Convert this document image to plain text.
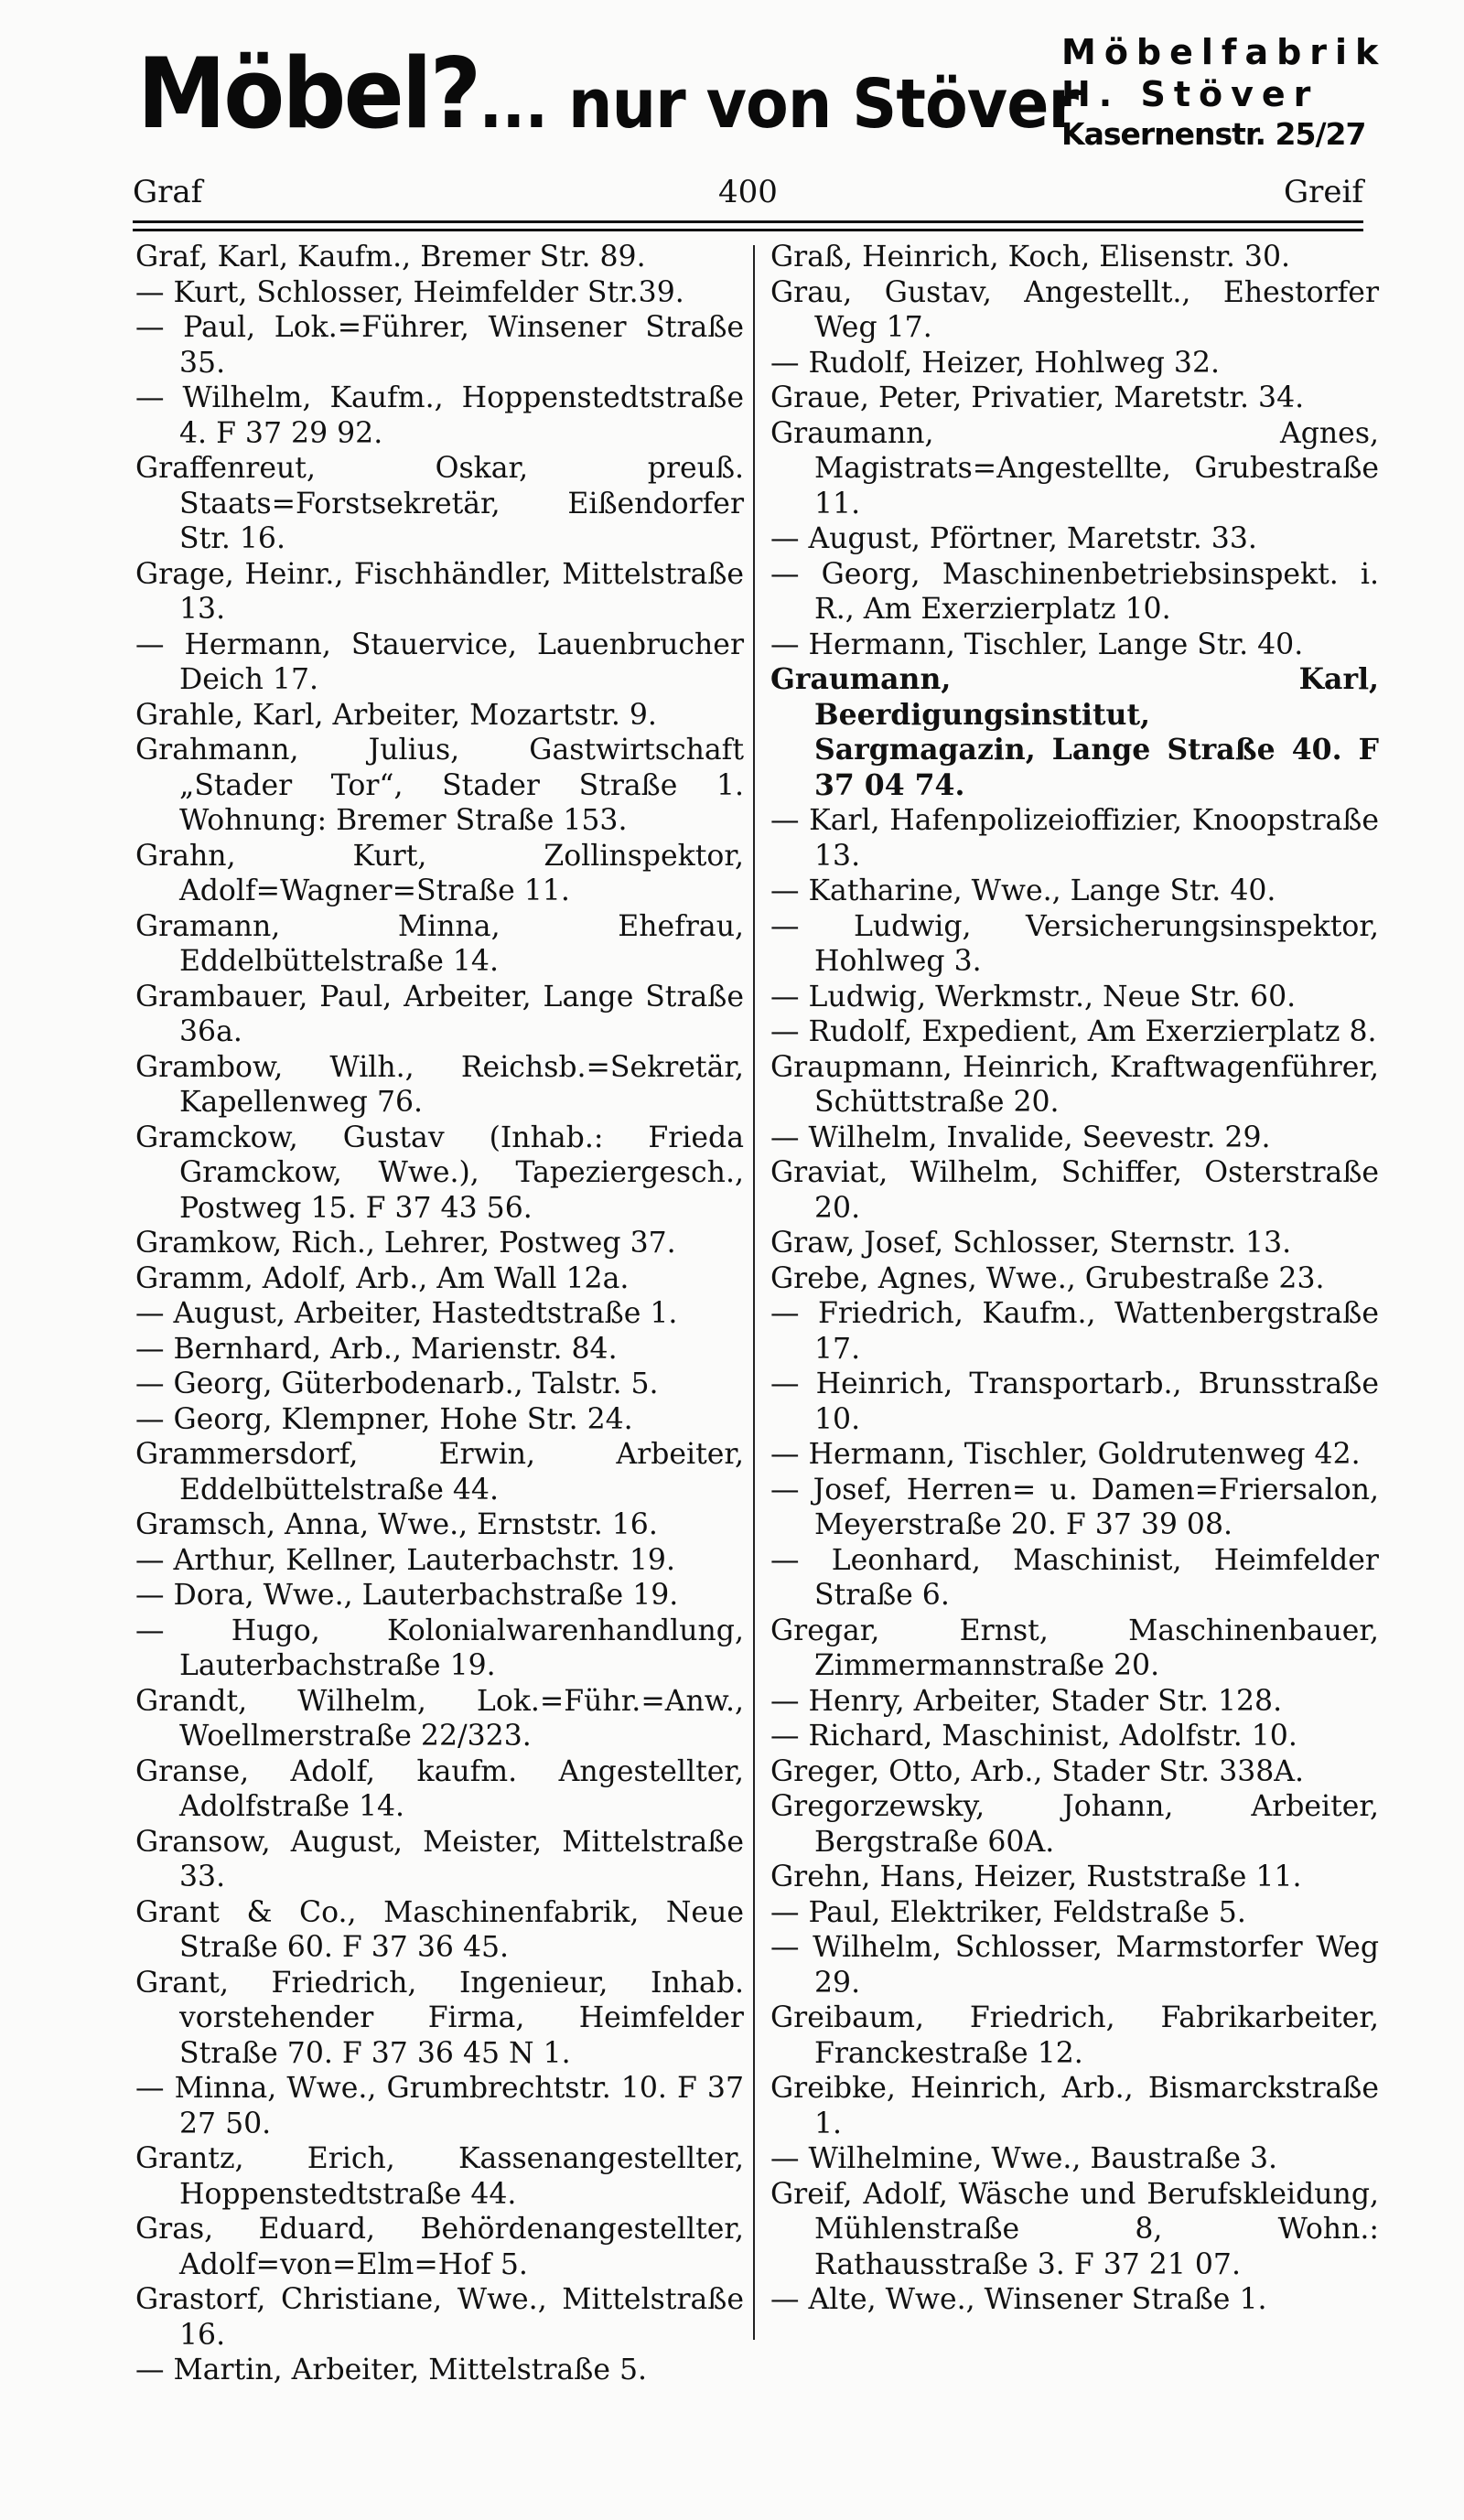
Möbel?... nur von Stöver
Möbelfabrik
H. Stöver
Kasernenstr. 25/27
400
Graf	Greif

Graf, Karl, Kaufm., Bremer Str. 89.

— Kurt, Schlosser, Heimfelder Str.39.

— Paul, Lok.=Führer, Winsener Straße 35.

— Wilhelm, Kaufm., Hoppenstedtstraße 4. F 37 29 92.

Graffenreut, Oskar, preuß. Staats=Forstsekretär, Eißendorfer Str. 16.

Grage, Heinr., Fischhändler, Mittelstraße 13.

— Hermann, Stauervice, Lauenbrucher Deich 17.

Grahle, Karl, Arbeiter, Mozartstr. 9.

Grahmann, Julius, Gastwirtschaft „Stader Tor“, Stader Straße 1. Wohnung: Bremer Straße 153.

Grahn, Kurt, Zollinspektor, Adolf=Wagner=Straße 11.

Gramann, Minna, Ehefrau, Eddelbüttelstraße 14.

Grambauer, Paul, Arbeiter, Lange Straße 36a.

Grambow, Wilh., Reichsb.=Sekretär, Kapellenweg 76.

Gramckow, Gustav (Inhab.: Frieda Gramckow, Wwe.), Tapeziergesch., Postweg 15. F 37 43 56.

Gramkow, Rich., Lehrer, Postweg 37.

Gramm, Adolf, Arb., Am Wall 12a.

— August, Arbeiter, Hastedtstraße 1.

— Bernhard, Arb., Marienstr. 84.

— Georg, Güterbodenarb., Talstr. 5.

— Georg, Klempner, Hohe Str. 24.

Grammersdorf, Erwin, Arbeiter, Eddelbüttelstraße 44.

Gramsch, Anna, Wwe., Ernststr. 16.

— Arthur, Kellner, Lauterbachstr. 19.

— Dora, Wwe., Lauterbachstraße 19.

— Hugo, Kolonialwarenhandlung, Lauterbachstraße 19.

Grandt, Wilhelm, Lok.=Führ.=Anw., Woellmerstraße 22/323.

Granse, Adolf, kaufm. Angestellter, Adolfstraße 14.

Gransow, August, Meister, Mittelstraße 33.

Grant & Co., Maschinenfabrik, Neue Straße 60. F 37 36 45.

Grant, Friedrich, Ingenieur, Inhab. vorstehender Firma, Heimfelder Straße 70. F 37 36 45 N 1.

— Minna, Wwe., Grumbrechtstr. 10. F 37 27 50.

Grantz, Erich, Kassenangestellter, Hoppenstedtstraße 44.

Gras, Eduard, Behördenangestellter, Adolf=von=Elm=Hof 5.

Grastorf, Christiane, Wwe., Mittelstraße 16.

— Martin, Arbeiter, Mittelstraße 5.

Graß, Heinrich, Koch, Elisenstr. 30.

Grau, Gustav, Angestellt., Ehestorfer Weg 17.

— Rudolf, Heizer, Hohlweg 32.

Graue, Peter, Privatier, Maretstr. 34.

Graumann, Agnes, Magistrats=Angestellte, Grubestraße 11.

— August, Pförtner, Maretstr. 33.

— Georg, Maschinenbetriebsinspekt. i. R., Am Exerzierplatz 10.

— Hermann, Tischler, Lange Str. 40.

Graumann, Karl, Beerdigungsinstitut, Sargmagazin, Lange Straße 40. F 37 04 74.

— Karl, Hafenpolizeioffizier, Knoopstraße 13.

— Katharine, Wwe., Lange Str. 40.

— Ludwig, Versicherungsinspektor, Hohlweg 3.

— Ludwig, Werkmstr., Neue Str. 60.

— Rudolf, Expedient, Am Exerzierplatz 8.

Graupmann, Heinrich, Kraftwagenführer, Schüttstraße 20.

— Wilhelm, Invalide, Seevestr. 29.

Graviat, Wilhelm, Schiffer, Osterstraße 20.

Graw, Josef, Schlosser, Sternstr. 13.

Grebe, Agnes, Wwe., Grubestraße 23.

— Friedrich, Kaufm., Wattenbergstraße 17.

— Heinrich, Transportarb., Brunsstraße 10.

— Hermann, Tischler, Goldrutenweg 42.

— Josef, Herren= u. Damen=Friersalon, Meyerstraße 20. F 37 39 08.

— Leonhard, Maschinist, Heimfelder Straße 6.

Gregar, Ernst, Maschinenbauer, Zimmermannstraße 20.

— Henry, Arbeiter, Stader Str. 128.

— Richard, Maschinist, Adolfstr. 10.

Greger, Otto, Arb., Stader Str. 338A.

Gregorzewsky, Johann, Arbeiter, Bergstraße 60A.

Grehn, Hans, Heizer, Ruststraße 11.

— Paul, Elektriker, Feldstraße 5.

— Wilhelm, Schlosser, Marmstorfer Weg 29.

Greibaum, Friedrich, Fabrikarbeiter, Franckestraße 12.

Greibke, Heinrich, Arb., Bismarckstraße 1.

— Wilhelmine, Wwe., Baustraße 3.

Greif, Adolf, Wäsche und Berufskleidung, Mühlenstraße 8, Wohn.: Rathausstraße 3. F 37 21 07.

— Alte, Wwe., Winsener Straße 1.
